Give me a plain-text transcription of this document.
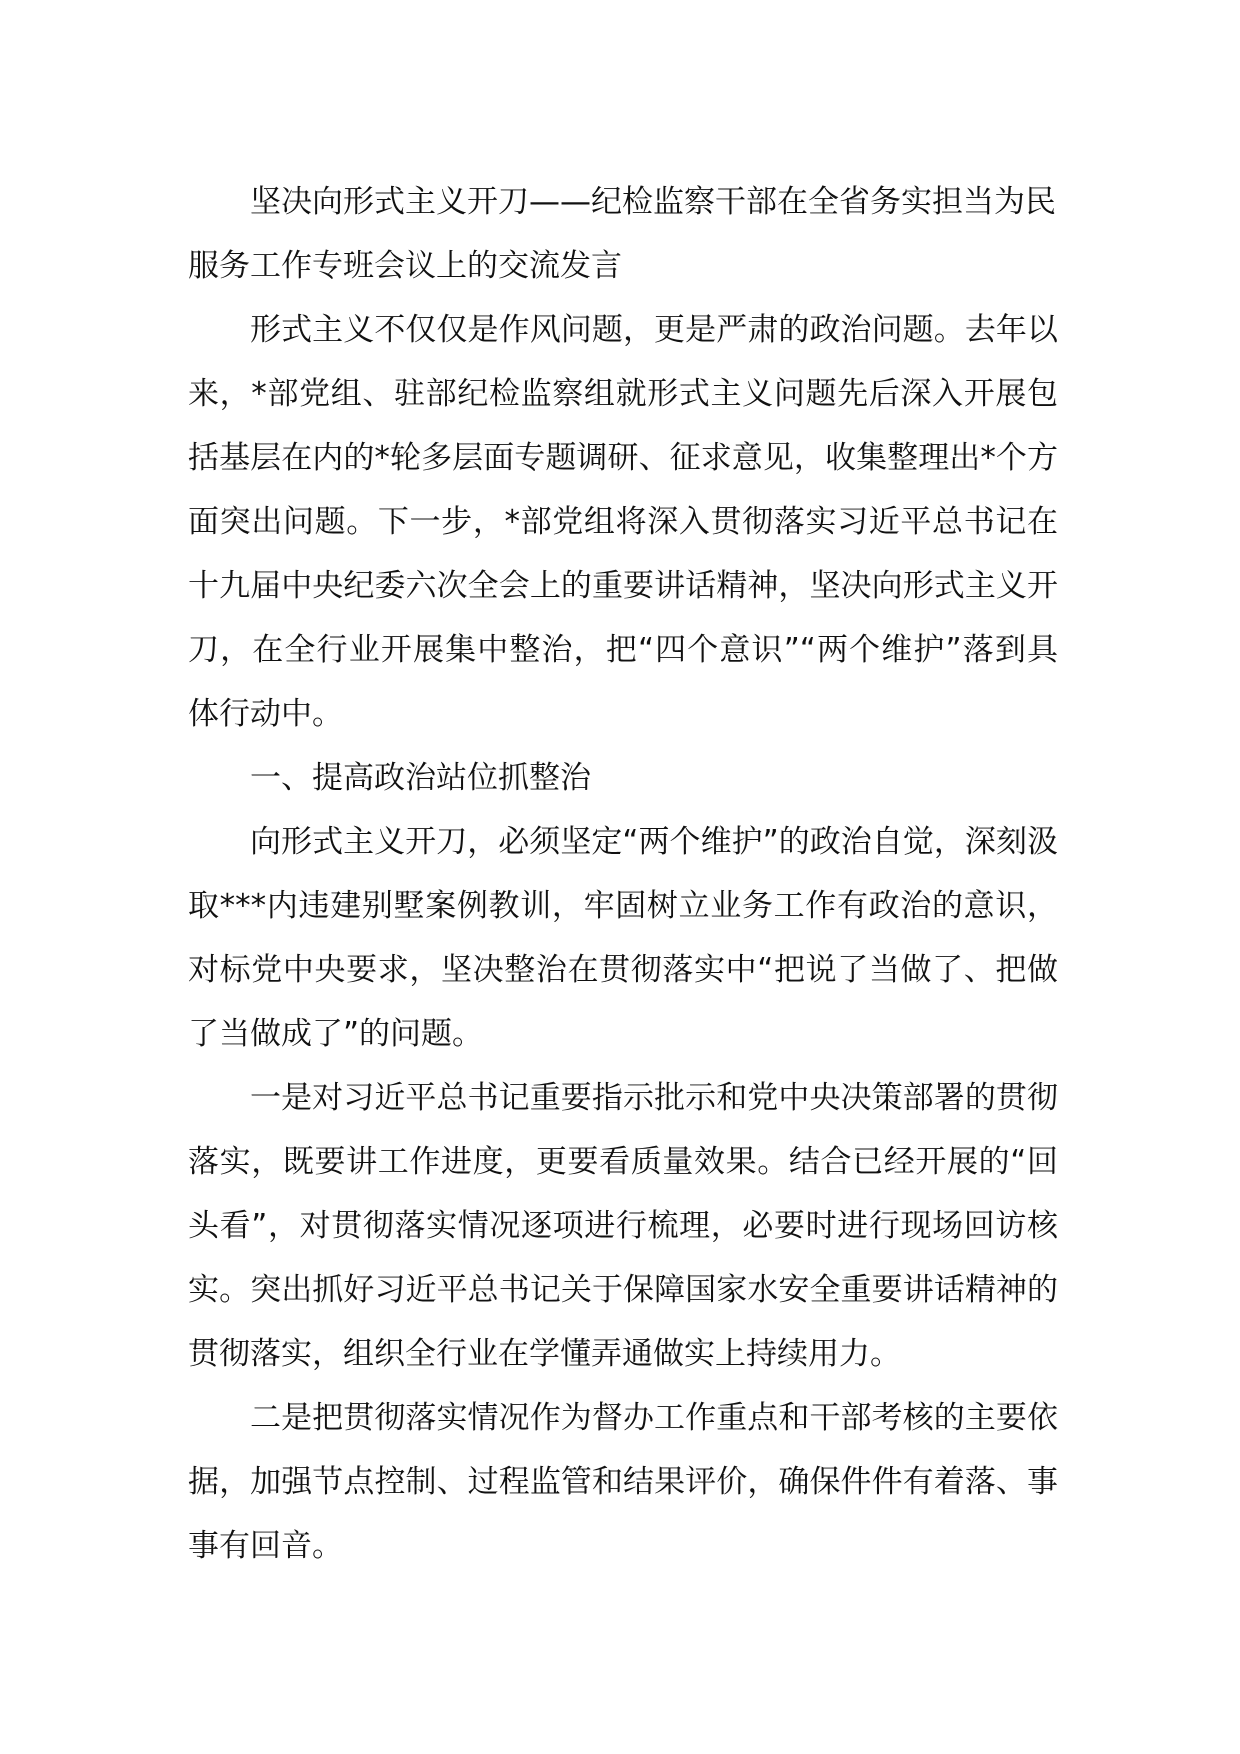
坚决向形式主义开刀——纪检监察干部在全省务实担当为民服务工作专班会议上的交流发言

形式主义不仅仅是作风问题，更是严肃的政治问题。去年以来，*部党组、驻部纪检监察组就形式主义问题先后深入开展包括基层在内的*轮多层面专题调研、征求意见，收集整理出*个方面突出问题。下一步，*部党组将深入贯彻落实习近平总书记在十九届中央纪委六次全会上的重要讲话精神，坚决向形式主义开刀，在全行业开展集中整治，把“四个意识”“两个维护”落到具体行动中。

一、提高政治站位抓整治

向形式主义开刀，必须坚定“两个维护”的政治自觉，深刻汲取***内违建别墅案例教训，牢固树立业务工作有政治的意识，对标党中央要求，坚决整治在贯彻落实中“把说了当做了、把做了当做成了”的问题。

一是对习近平总书记重要指示批示和党中央决策部署的贯彻落实，既要讲工作进度，更要看质量效果。结合已经开展的“回头看”，对贯彻落实情况逐项进行梳理，必要时进行现场回访核实。突出抓好习近平总书记关于保障国家水安全重要讲话精神的贯彻落实，组织全行业在学懂弄通做实上持续用力。

二是把贯彻落实情况作为督办工作重点和干部考核的主要依据，加强节点控制、过程监管和结果评价，确保件件有着落、事事有回音。
